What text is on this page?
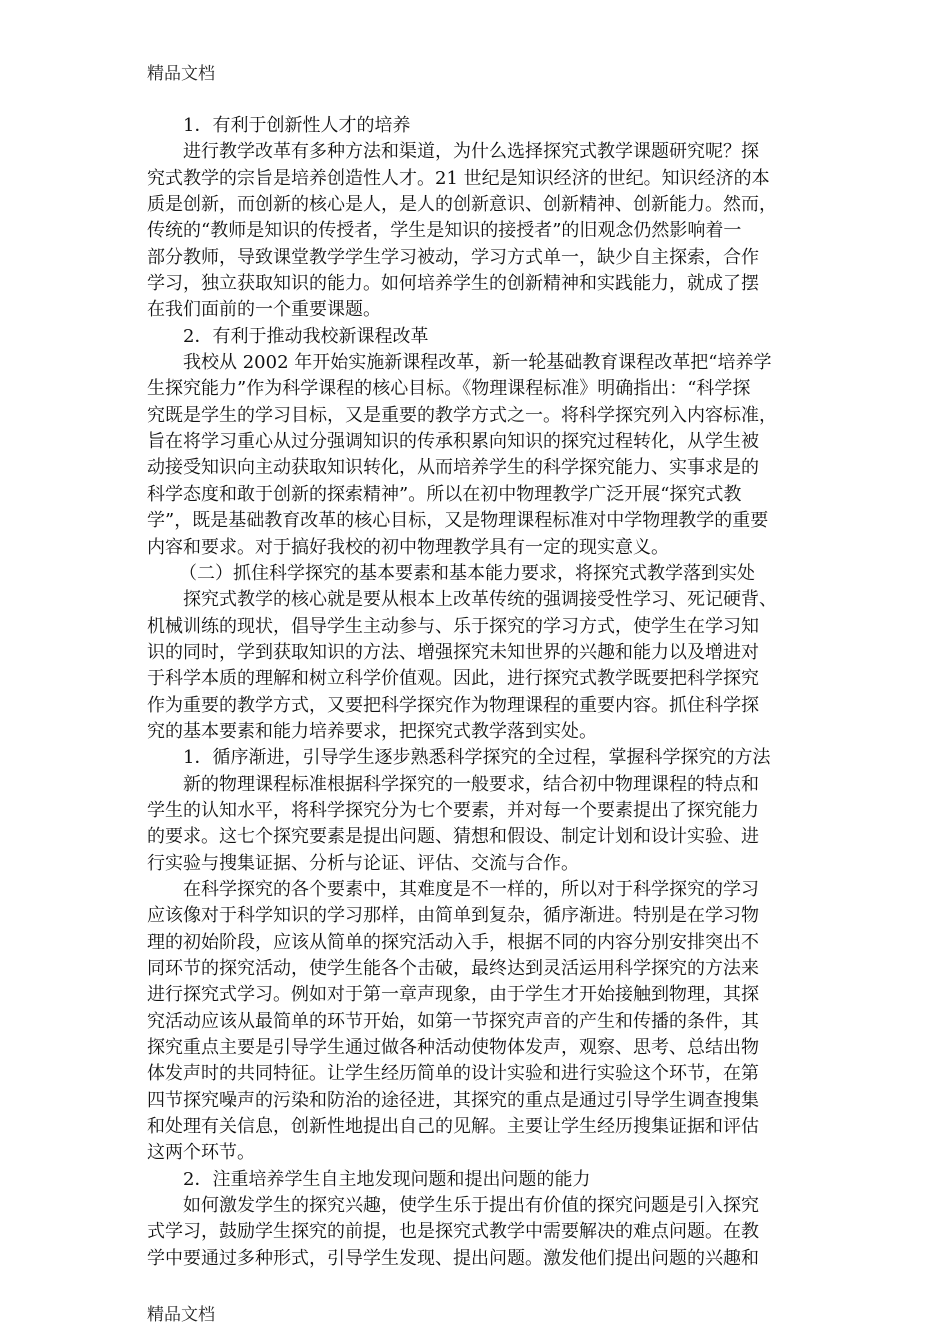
精品文档
1．有利于创新性人才的培养
进行教学改革有多种方法和渠道，为什么选择探究式教学课题研究呢？探
究式教学的宗旨是培养创造性人才。21 世纪是知识经济的世纪。知识经济的本
质是创新，而创新的核心是人，是人的创新意识、创新精神、创新能力。然而，
传统的“教师是知识的传授者，学生是知识的接授者”的旧观念仍然影响着一
部分教师，导致课堂教学学生学习被动，学习方式单一，缺少自主探索，合作
学习，独立获取知识的能力。如何培养学生的创新精神和实践能力，就成了摆
在我们面前的一个重要课题。
2．有利于推动我校新课程改革
我校从 2002 年开始实施新课程改革，新一轮基础教育课程改革把“培养学
生探究能力”作为科学课程的核心目标。《物理课程标准》明确指出：“科学探
究既是学生的学习目标，又是重要的教学方式之一。将科学探究列入内容标准，
旨在将学习重心从过分强调知识的传承积累向知识的探究过程转化，从学生被
动接受知识向主动获取知识转化，从而培养学生的科学探究能力、实事求是的
科学态度和敢于创新的探索精神”。所以在初中物理教学广泛开展“探究式教
学”，既是基础教育改革的核心目标，又是物理课程标准对中学物理教学的重要
内容和要求。对于搞好我校的初中物理教学具有一定的现实意义。
（二）抓住科学探究的基本要素和基本能力要求，将探究式教学落到实处
探究式教学的核心就是要从根本上改革传统的强调接受性学习、死记硬背、
机械训练的现状，倡导学生主动参与、乐于探究的学习方式，使学生在学习知
识的同时，学到获取知识的方法、增强探究未知世界的兴趣和能力以及增进对
于科学本质的理解和树立科学价值观。因此，进行探究式教学既要把科学探究
作为重要的教学方式，又要把科学探究作为物理课程的重要内容。抓住科学探
究的基本要素和能力培养要求，把探究式教学落到实处。
1．循序渐进，引导学生逐步熟悉科学探究的全过程，掌握科学探究的方法
新的物理课程标准根据科学探究的一般要求，结合初中物理课程的特点和
学生的认知水平，将科学探究分为七个要素，并对每一个要素提出了探究能力
的要求。这七个探究要素是提出问题、猜想和假设、制定计划和设计实验、进
行实验与搜集证据、分析与论证、评估、交流与合作。
在科学探究的各个要素中，其难度是不一样的，所以对于科学探究的学习
应该像对于科学知识的学习那样，由简单到复杂，循序渐进。特别是在学习物
理的初始阶段，应该从简单的探究活动入手，根据不同的内容分别安排突出不
同环节的探究活动，使学生能各个击破，最终达到灵活运用科学探究的方法来
进行探究式学习。例如对于第一章声现象，由于学生才开始接触到物理，其探
究活动应该从最简单的环节开始，如第一节探究声音的产生和传播的条件，其
探究重点主要是引导学生通过做各种活动使物体发声，观察、思考、总结出物
体发声时的共同特征。让学生经历简单的设计实验和进行实验这个环节，在第
四节探究噪声的污染和防治的途径进，其探究的重点是通过引导学生调查搜集
和处理有关信息，创新性地提出自己的见解。主要让学生经历搜集证据和评估
这两个环节。
2．注重培养学生自主地发现问题和提出问题的能力
如何激发学生的探究兴趣，使学生乐于提出有价值的探究问题是引入探究
式学习，鼓励学生探究的前提，也是探究式教学中需要解决的难点问题。在教
学中要通过多种形式，引导学生发现、提出问题。激发他们提出问题的兴趣和
精品文档
